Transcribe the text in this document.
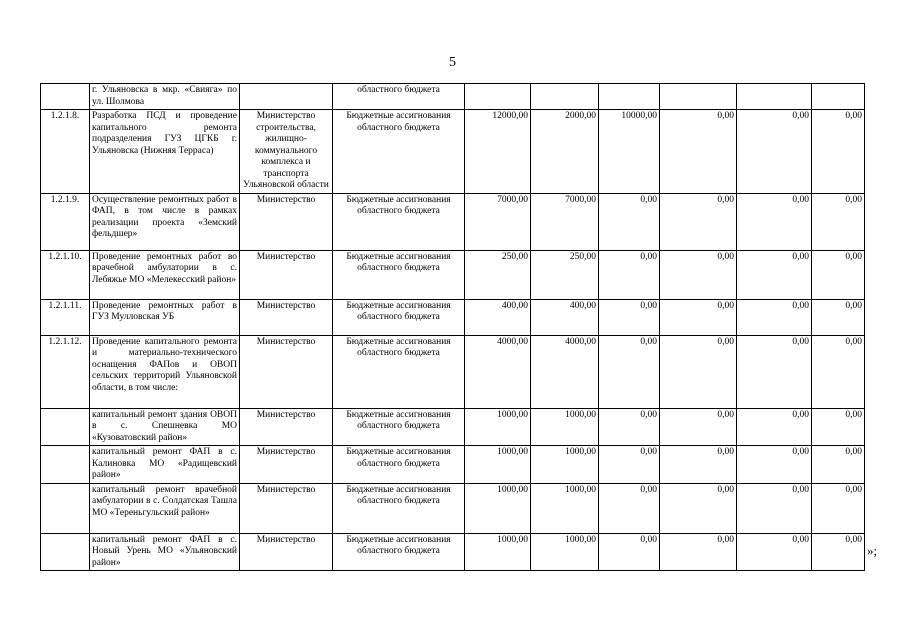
5
	г. Ульяновска в мкр. «Свияга» по ул. Шолмова		областного бюджета						
1.2.1.8.	Разработка ПСД и проведение капитального ремонта подразделения ГУЗ ЦГКБ г. Ульяновска (Нижняя Терраса)	Министерство строительства, жилищно-коммунального комплекса и транспорта Ульяновской области	Бюджетные ассигнования областного бюджета	12000,00	2000,00	10000,00	0,00	0,00	0,00
1.2.1.9.	Осуществление ремонтных работ в ФАП, в том числе в рамках реализации проекта «Земский фельдшер»	Министерство	Бюджетные ассигнования областного бюджета	7000,00	7000,00	0,00	0,00	0,00	0,00
1.2.1.10.	Проведение ремонтных работ во врачебной амбулатории в с. Лебяжье МО «Мелекесский район»	Министерство	Бюджетные ассигнования областного бюджета	250,00	250,00	0,00	0,00	0,00	0,00
1.2.1.11.	Проведение ремонтных работ в ГУЗ Мулловская УБ	Министерство	Бюджетные ассигнования областного бюджета	400,00	400,00	0,00	0,00	0,00	0,00
1.2.1.12.	Проведение капитального ремонта и материально-технического оснащения ФАПов и ОВОП сельских территорий Ульяновской области, в том числе:	Министерство	Бюджетные ассигнования областного бюджета	4000,00	4000,00	0,00	0,00	0,00	0,00
	капитальный ремонт здания ОВОП в с. Спешневка МО «Кузоватовский район»	Министерство	Бюджетные ассигнования областного бюджета	1000,00	1000,00	0,00	0,00	0,00	0,00
	капитальный ремонт ФАП в с. Калиновка МО «Радищевский район»	Министерство	Бюджетные ассигнования областного бюджета	1000,00	1000,00	0,00	0,00	0,00	0,00
	капитальный ремонт врачебной амбулатории в с. Солдатская Ташла МО «Тереньгульский район»	Министерство	Бюджетные ассигнования областного бюджета	1000,00	1000,00	0,00	0,00	0,00	0,00
	капитальный ремонт ФАП в с. Новый Урень МО «Ульяновский район»	Министерство	Бюджетные ассигнования областного бюджета	1000,00	1000,00	0,00	0,00	0,00	0,00
»;
